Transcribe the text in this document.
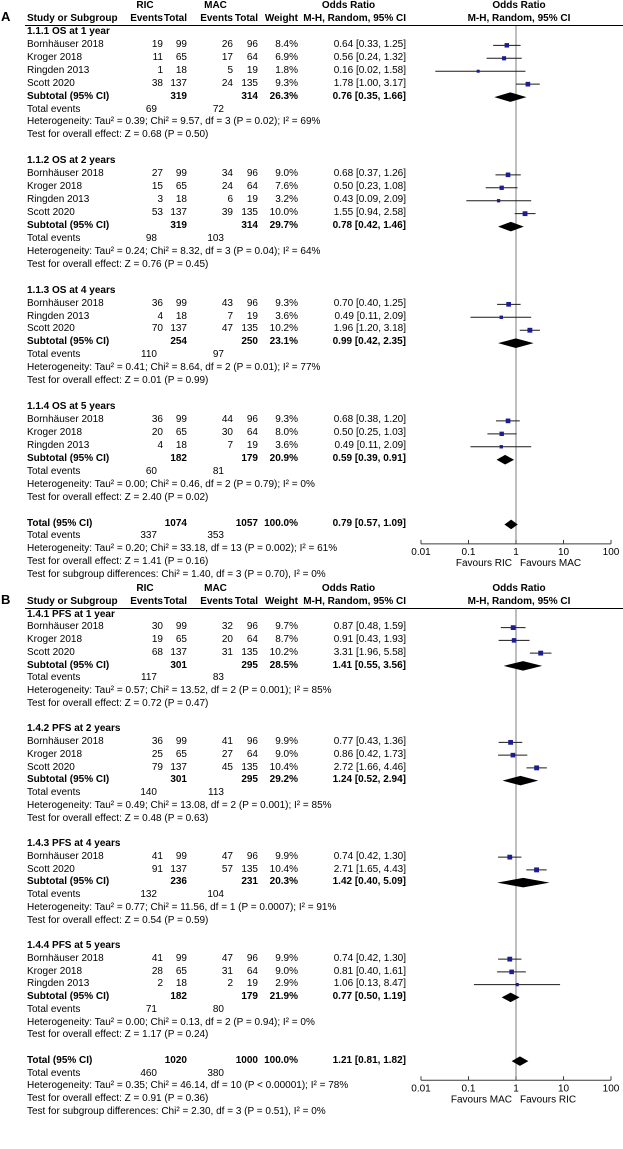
A
RIC	MAC	Odds Ratio	Odds Ratio
Study or Subgroup	Events Total	Events Total Weight M-H, Random, 95% CI	M-H, Random, 95% CI
1.1.1 OS at 1 year
Bornhäuser 2018	19	99	26	96	8.4%	0.64 [0.33, 1.25]
Kroger 2018	11	65	17	64	6.9%	0.56 [0.24, 1.32]
Ringden 2013	1	18	5	19	1.8%	0.16 [0.02, 1.58]
Scott 2020	38 137	24 135	9.3%	1.78 [1.00, 3.17]
Subtotal (95% CI)	319	314	26.3%	0.76 [0.35, 1.66]
Total events	69	72
Heterogeneity: Tau² = 0.39; Chi² = 9.57, df = 3 (P = 0.02); I² = 69%
Test for overall effect: Z = 0.68 (P = 0.50)
1.1.2 OS at 2 years
Bornhäuser 2018	27	99	34	96	9.0%	0.68 [0.37, 1.26]
Kroger 2018	15	65	24	64	7.6%	0.50 [0.23, 1.08]
Ringden 2013	3	18	6	19	3.2%	0.43 [0.09, 2.09]
Scott 2020	53 137	39 135	10.0%	1.55 [0.94, 2.58]
Subtotal (95% CI)	319	314	29.7%	0.78 [0.42, 1.46]
Total events	98	103
Heterogeneity: Tau² = 0.24; Chi² = 8.32, df = 3 (P = 0.04); I² = 64%
Test for overall effect: Z = 0.76 (P = 0.45)
1.1.3 OS at 4 years
Bornhäuser 2018	36	99	43	96	9.3%	0.70 [0.40, 1.25]
Ringden 2013	4	18	7	19	3.6%	0.49 [0.11, 2.09]
Scott 2020	70 137	47 135	10.2%	1.96 [1.20, 3.18]
Subtotal (95% CI)	254	250	23.1%	0.99 [0.42, 2.35]
Total events	110	97
Heterogeneity: Tau² = 0.41; Chi² = 8.64, df = 2 (P = 0.01); I² = 77%
Test for overall effect: Z = 0.01 (P = 0.99)
1.1.4 OS at 5 years
Bornhäuser 2018	36	99	44	96	9.3%	0.68 [0.38, 1.20]
Kroger 2018	20	65	30	64	8.0%	0.50 [0.25, 1.03]
Ringden 2013	4	18	7	19	3.6%	0.49 [0.11, 2.09]
Subtotal (95% CI)	182	179	20.9%	0.59 [0.39, 0.91]
Total events	60	81
Heterogeneity: Tau² = 0.00; Chi² = 0.46, df = 2 (P = 0.79); I² = 0%
Test for overall effect: Z = 2.40 (P = 0.02)
Total (95% CI)	1074	1057 100.0%	0.79 [0.57, 1.09]
Total events	337	353
Heterogeneity: Tau² = 0.20; Chi² = 33.18, df = 13 (P = 0.002); I² = 61%
Test for overall effect: Z = 1.41 (P = 0.16)
Test for subgroup differences: Chi² = 1.40, df = 3 (P = 0.70), I² = 0%
0.01	0.1	1	10	100
Favours RIC Favours MAC
B
RIC	MAC	Odds Ratio	Odds Ratio
Study or Subgroup	Events Total	Events Total Weight M-H, Random, 95% CI	M-H, Random, 95% CI
1.4.1 PFS at 1 year
Bornhäuser 2018	30	99	32	96	9.7%	0.87 [0.48, 1.59]
Kroger 2018	19	65	20	64	8.7%	0.91 [0.43, 1.93]
Scott 2020	68 137	31 135	10.2%	3.31 [1.96, 5.58]
Subtotal (95% CI)	301	295	28.5%	1.41 [0.55, 3.56]
Total events	117	83
Heterogeneity: Tau² = 0.57; Chi² = 13.52, df = 2 (P = 0.001); I² = 85%
Test for overall effect: Z = 0.72 (P = 0.47)
1.4.2 PFS at 2 years
Bornhäuser 2018	36	99	41	96	9.9%	0.77 [0.43, 1.36]
Kroger 2018	25	65	27	64	9.0%	0.86 [0.42, 1.73]
Scott 2020	79 137	45 135	10.4%	2.72 [1.66, 4.46]
Subtotal (95% CI)	301	295	29.2%	1.24 [0.52, 2.94]
Total events	140	113
Heterogeneity: Tau² = 0.49; Chi² = 13.08, df = 2 (P = 0.001); I² = 85%
Test for overall effect: Z = 0.48 (P = 0.63)
1.4.3 PFS at 4 years
Bornhäuser 2018	41	99	47	96	9.9%	0.74 [0.42, 1.30]
Scott 2020	91 137	57 135	10.4%	2.71 [1.65, 4.43]
Subtotal (95% CI)	236	231	20.3%	1.42 [0.40, 5.09]
Total events	132	104
Heterogeneity: Tau² = 0.77; Chi² = 11.56, df = 1 (P = 0.0007); I² = 91%
Test for overall effect: Z = 0.54 (P = 0.59)
1.4.4 PFS at 5 years
Bornhäuser 2018	41	99	47	96	9.9%	0.74 [0.42, 1.30]
Kroger 2018	28	65	31	64	9.0%	0.81 [0.40, 1.61]
Ringden 2013	2	18	2	19	2.9%	1.06 [0.13, 8.47]
Subtotal (95% CI)	182	179	21.9%	0.77 [0.50, 1.19]
Total events	71	80
Heterogeneity: Tau² = 0.00; Chi² = 0.13, df = 2 (P = 0.94); I² = 0%
Test for overall effect: Z = 1.17 (P = 0.24)
Total (95% CI)	1020	1000 100.0%	1.21 [0.81, 1.82]
Total events	460	380
Heterogeneity: Tau² = 0.35; Chi² = 46.14, df = 10 (P < 0.00001); I² = 78%
Test for overall effect: Z = 0.91 (P = 0.36)
Test for subgroup differences: Chi² = 2.30, df = 3 (P = 0.51), I² = 0%
0.01	0.1	1	10	100
Favours MAC Favours RIC
